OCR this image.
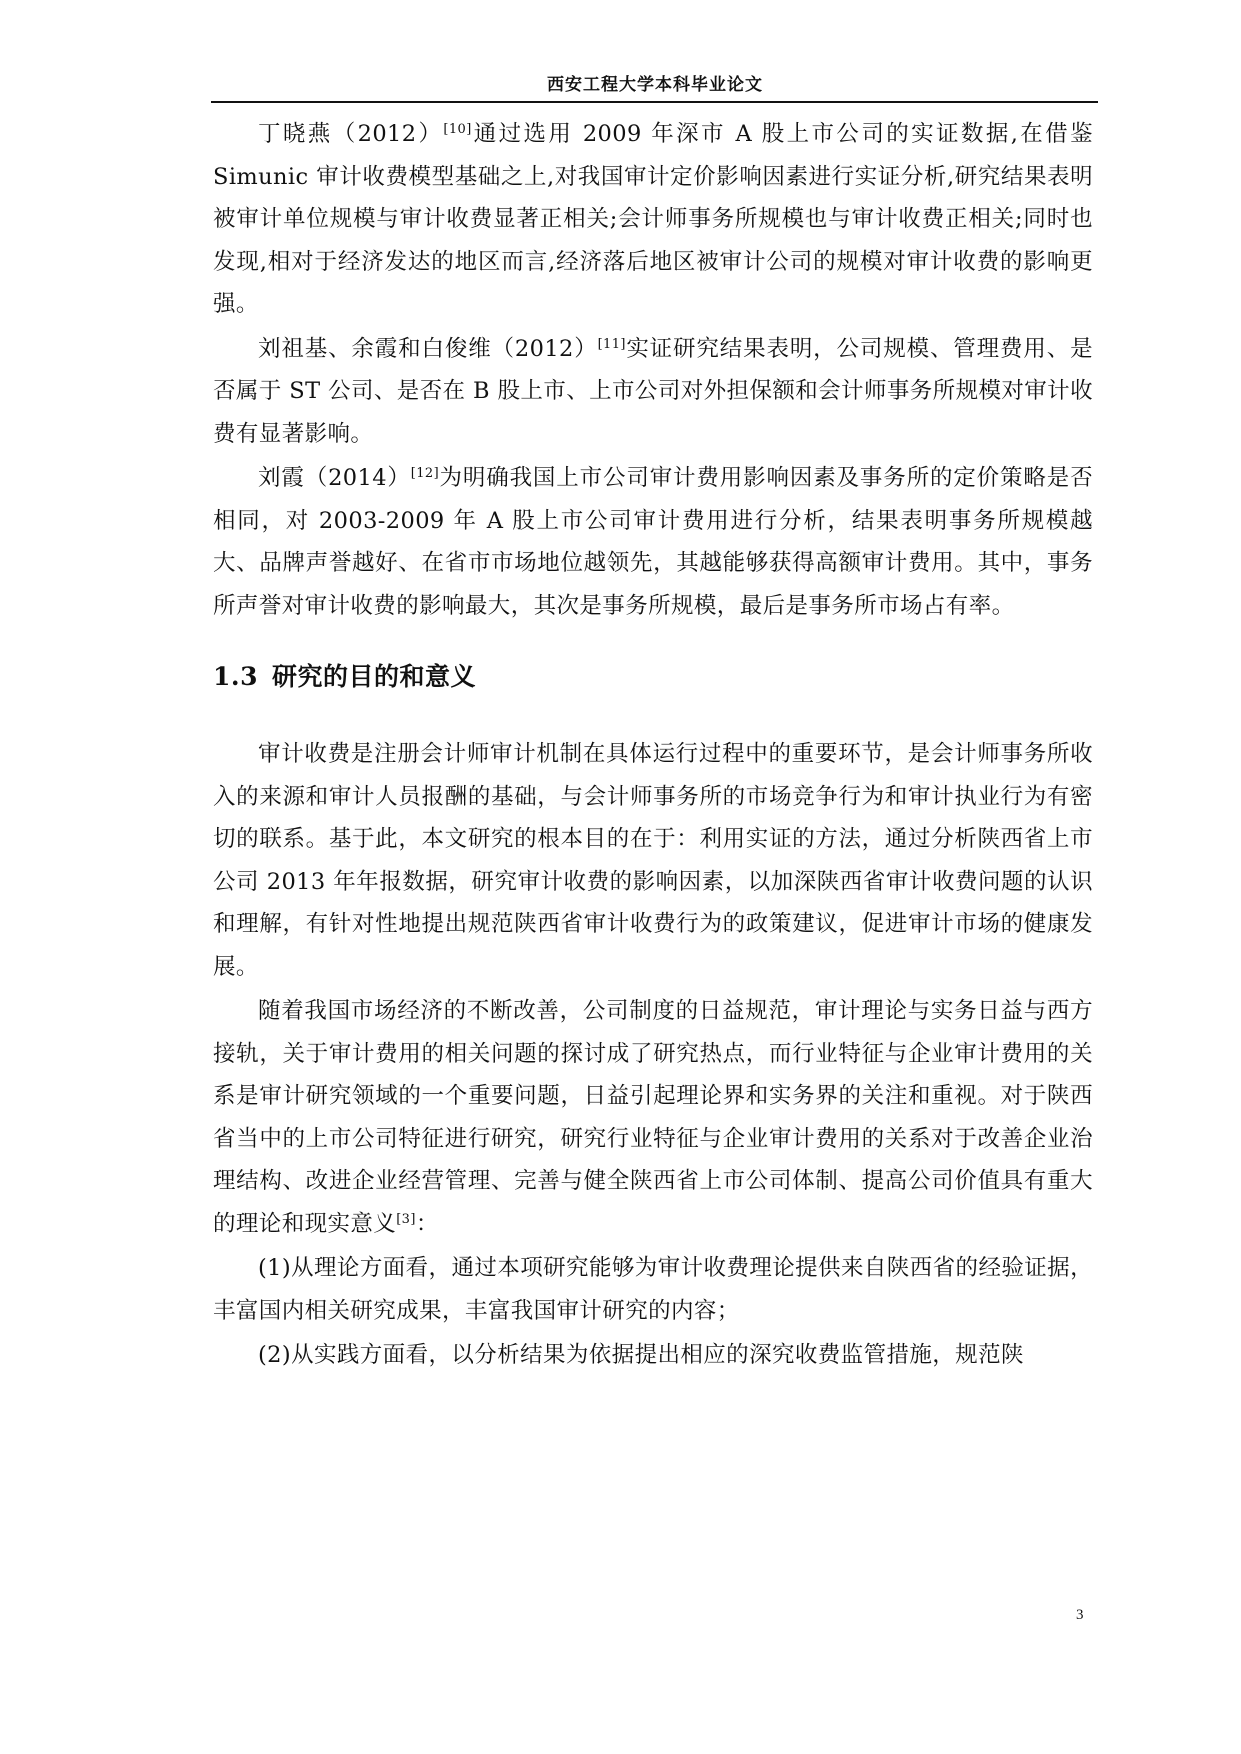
西安工程大学本科毕业论文

丁晓燕（2012）[10]通过选用 2009 年深市 A 股上市公司的实证数据,在借鉴 Simunic 审计收费模型基础之上,对我国审计定价影响因素进行实证分析,研究结果表明被审计单位规模与审计收费显著正相关;会计师事务所规模也与审计收费正相关;同时也发现,相对于经济发达的地区而言,经济落后地区被审计公司的规模对审计收费的影响更强。

刘祖基、余霞和白俊维（2012）[11]实证研究结果表明，公司规模、管理费用、是否属于 ST 公司、是否在 B 股上市、上市公司对外担保额和会计师事务所规模对审计收费有显著影响。

刘霞（2014）[12]为明确我国上市公司审计费用影响因素及事务所的定价策略是否相同，对 2003-2009 年 A 股上市公司审计费用进行分析，结果表明事务所规模越大、品牌声誉越好、在省市市场地位越领先，其越能够获得高额审计费用。其中，事务所声誉对审计收费的影响最大，其次是事务所规模，最后是事务所市场占有率。

1.3 研究的目的和意义

审计收费是注册会计师审计机制在具体运行过程中的重要环节，是会计师事务所收入的来源和审计人员报酬的基础，与会计师事务所的市场竞争行为和审计执业行为有密切的联系。基于此，本文研究的根本目的在于：利用实证的方法，通过分析陕西省上市公司 2013 年年报数据，研究审计收费的影响因素，以加深陕西省审计收费问题的认识和理解，有针对性地提出规范陕西省审计收费行为的政策建议，促进审计市场的健康发展。

随着我国市场经济的不断改善，公司制度的日益规范，审计理论与实务日益与西方接轨，关于审计费用的相关问题的探讨成了研究热点，而行业特征与企业审计费用的关系是审计研究领域的一个重要问题，日益引起理论界和实务界的关注和重视。对于陕西省当中的上市公司特征进行研究，研究行业特征与企业审计费用的关系对于改善企业治理结构、改进企业经营管理、完善与健全陕西省上市公司体制、提高公司价值具有重大的理论和现实意义[3]：

(1)从理论方面看，通过本项研究能够为审计收费理论提供来自陕西省的经验证据，丰富国内相关研究成果，丰富我国审计研究的内容；

(2)从实践方面看，以分析结果为依据提出相应的深究收费监管措施，规范陕

3
